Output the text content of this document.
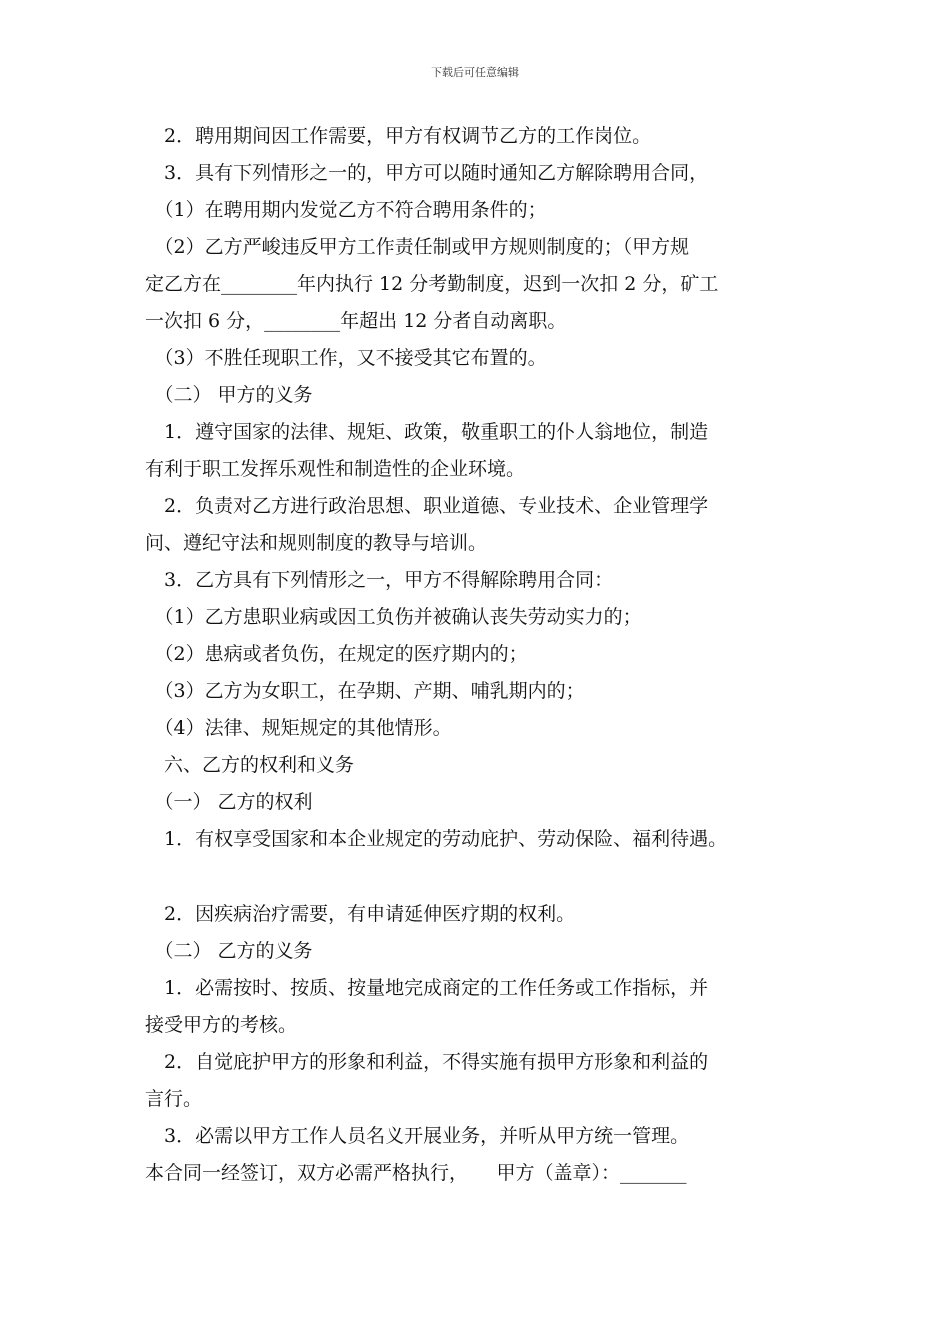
下载后可任意编辑
　2．聘用期间因工作需要，甲方有权调节乙方的工作岗位。
　3．具有下列情形之一的，甲方可以随时通知乙方解除聘用合同，
　（1）在聘用期内发觉乙方不符合聘用条件的；
　（2）乙方严峻违反甲方工作责任制或甲方规则制度的；（甲方规
定乙方在________年内执行 12 分考勤制度，迟到一次扣 2 分，矿工
一次扣 6 分，________年超出 12 分者自动离职。
　（3）不胜任现职工作，又不接受其它布置的。
　（二） 甲方的义务
　1．遵守国家的法律、规矩、政策，敬重职工的仆人翁地位，制造
有利于职工发挥乐观性和制造性的企业环境。
　2．负责对乙方进行政治思想、职业道德、专业技术、企业管理学
问、遵纪守法和规则制度的教导与培训。
　3．乙方具有下列情形之一，甲方不得解除聘用合同：
　（1）乙方患职业病或因工负伤并被确认丧失劳动实力的；
　（2）患病或者负伤，在规定的医疗期内的；
　（3）乙方为女职工，在孕期、产期、哺乳期内的；
　（4）法律、规矩规定的其他情形。
　六、乙方的权利和义务
　（一） 乙方的权利
　1．有权享受国家和本企业规定的劳动庇护、劳动保险、福利待遇。
　2．因疾病治疗需要，有申请延伸医疗期的权利。
　（二） 乙方的义务
　1．必需按时、按质、按量地完成商定的工作任务或工作指标，并
接受甲方的考核。
　2．自觉庇护甲方的形象和利益，不得实施有损甲方形象和利益的
言行。
　3．必需以甲方工作人员名义开展业务，并听从甲方统一管理。
本合同一经签订，双方必需严格执行，　　甲方（盖章）：_______
